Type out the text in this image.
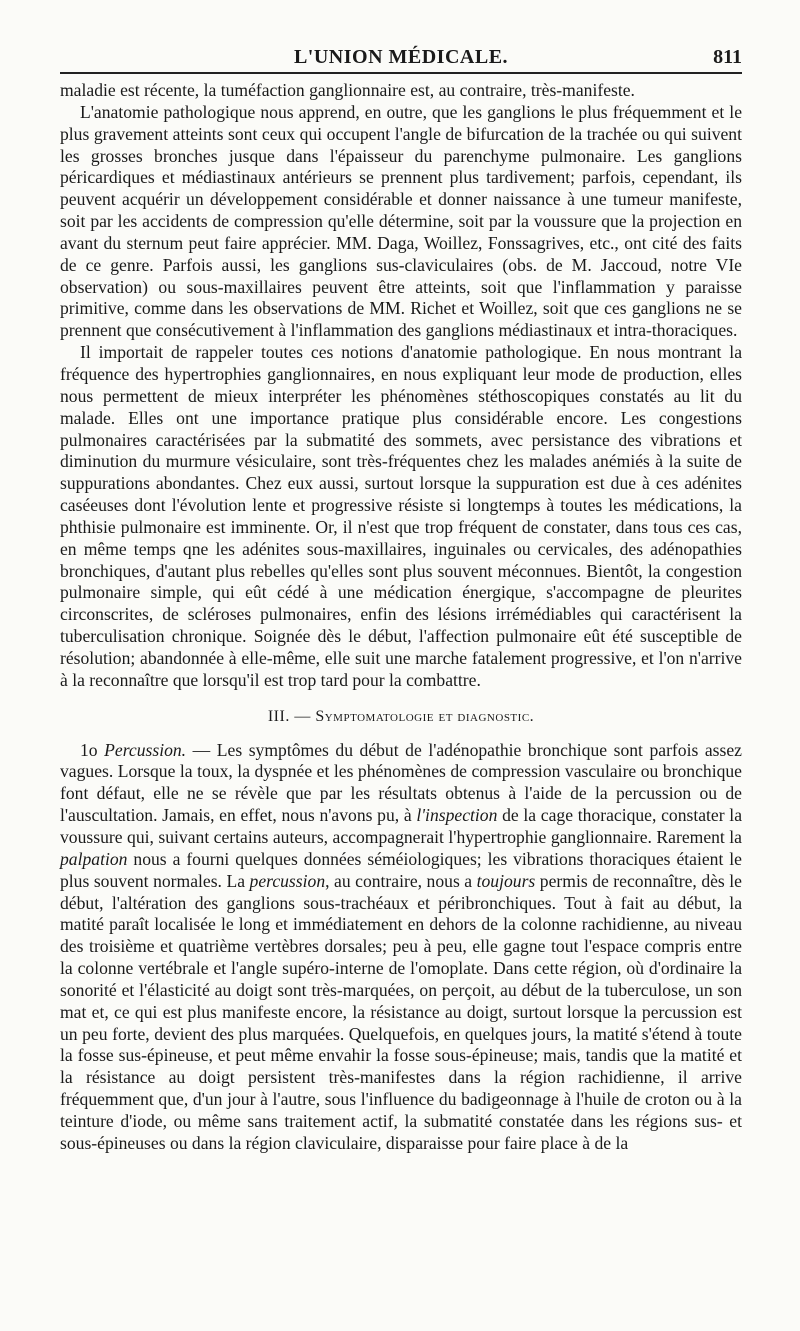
L'UNION MÉDICALE.	811

maladie est récente, la tuméfaction ganglionnaire est, au contraire, très-manifeste.

L'anatomie pathologique nous apprend, en outre, que les ganglions le plus fréquemment et le plus gravement atteints sont ceux qui occupent l'angle de bifurcation de la trachée ou qui suivent les grosses bronches jusque dans l'épaisseur du parenchyme pulmonaire. Les ganglions péricardiques et médiastinaux antérieurs se prennent plus tardivement; parfois, cependant, ils peuvent acquérir un développement considérable et donner naissance à une tumeur manifeste, soit par les accidents de compression qu'elle détermine, soit par la voussure que la projection en avant du sternum peut faire apprécier. MM. Daga, Woillez, Fonssagrives, etc., ont cité des faits de ce genre. Parfois aussi, les ganglions sus-claviculaires (obs. de M. Jaccoud, notre VIe observation) ou sous-maxillaires peuvent être atteints, soit que l'inflammation y paraisse primitive, comme dans les observations de MM. Richet et Woillez, soit que ces ganglions ne se prennent que consécutivement à l'inflammation des ganglions médiastinaux et intra-thoraciques.

Il importait de rappeler toutes ces notions d'anatomie pathologique. En nous montrant la fréquence des hypertrophies ganglionnaires, en nous expliquant leur mode de production, elles nous permettent de mieux interpréter les phénomènes stéthoscopiques constatés au lit du malade. Elles ont une importance pratique plus considérable encore. Les congestions pulmonaires caractérisées par la submatité des sommets, avec persistance des vibrations et diminution du murmure vésiculaire, sont très-fréquentes chez les malades anémiés à la suite de suppurations abondantes. Chez eux aussi, surtout lorsque la suppuration est due à ces adénites caséeuses dont l'évolution lente et progressive résiste si longtemps à toutes les médications, la phthisie pulmonaire est imminente. Or, il n'est que trop fréquent de constater, dans tous ces cas, en même temps qne les adénites sous-maxillaires, inguinales ou cervicales, des adénopathies bronchiques, d'autant plus rebelles qu'elles sont plus souvent méconnues. Bientôt, la congestion pulmonaire simple, qui eût cédé à une médication énergique, s'accompagne de pleurites circonscrites, de scléroses pulmonaires, enfin des lésions irrémédiables qui caractérisent la tuberculisation chronique. Soignée dès le début, l'affection pulmonaire eût été susceptible de résolution; abandonnée à elle-même, elle suit une marche fatalement progressive, et l'on n'arrive à la reconnaître que lorsqu'il est trop tard pour la combattre.

III. — Symptomatologie et diagnostic.

1o Percussion. — Les symptômes du début de l'adénopathie bronchique sont parfois assez vagues. Lorsque la toux, la dyspnée et les phénomènes de compression vasculaire ou bronchique font défaut, elle ne se révèle que par les résultats obtenus à l'aide de la percussion ou de l'auscultation. Jamais, en effet, nous n'avons pu, à l'inspection de la cage thoracique, constater la voussure qui, suivant certains auteurs, accompagnerait l'hypertrophie ganglionnaire. Rarement la palpation nous a fourni quelques données séméiologiques; les vibrations thoraciques étaient le plus souvent normales. La percussion, au contraire, nous a toujours permis de reconnaître, dès le début, l'altération des ganglions sous-trachéaux et péribronchiques. Tout à fait au début, la matité paraît localisée le long et immédiatement en dehors de la colonne rachidienne, au niveau des troisième et quatrième vertèbres dorsales; peu à peu, elle gagne tout l'espace compris entre la colonne vertébrale et l'angle supéro-interne de l'omoplate. Dans cette région, où d'ordinaire la sonorité et l'élasticité au doigt sont très-marquées, on perçoit, au début de la tuberculose, un son mat et, ce qui est plus manifeste encore, la résistance au doigt, surtout lorsque la percussion est un peu forte, devient des plus marquées. Quelquefois, en quelques jours, la matité s'étend à toute la fosse sus-épineuse, et peut même envahir la fosse sous-épineuse; mais, tandis que la matité et la résistance au doigt persistent très-manifestes dans la région rachidienne, il arrive fréquemment que, d'un jour à l'autre, sous l'influence du badigeonnage à l'huile de croton ou à la teinture d'iode, ou même sans traitement actif, la submatité constatée dans les régions sus- et sous-épineuses ou dans la région claviculaire, disparaisse pour faire place à de la
